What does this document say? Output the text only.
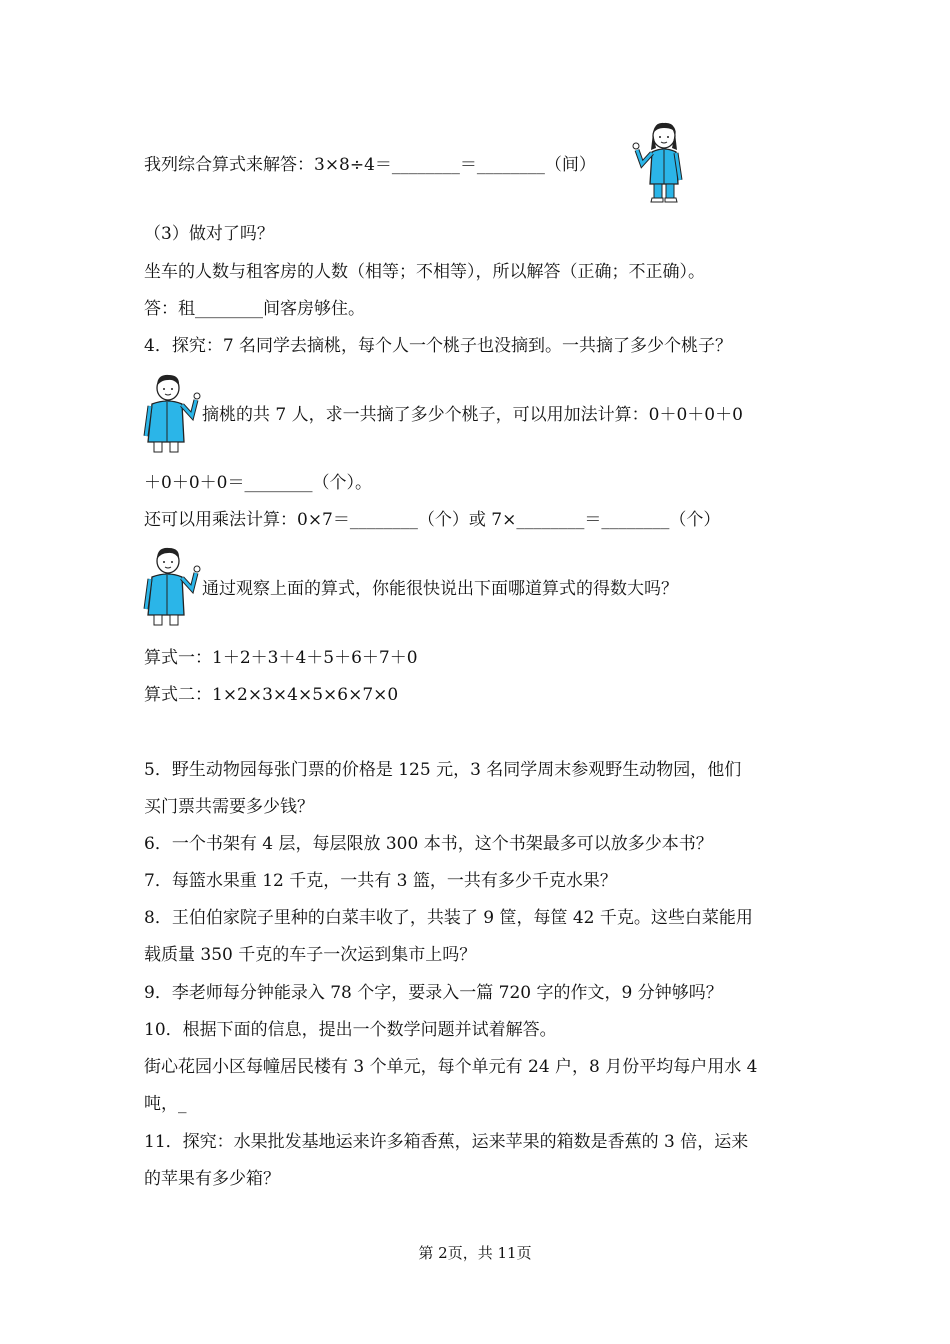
我列综合算式来解答：3×8÷4＝________＝________（间）
（3）做对了吗？
坐车的人数与租客房的人数（相等；不相等），所以解答（正确；不正确）。
答：租________间客房够住。
4．探究：7 名同学去摘桃，每个人一个桃子也没摘到。一共摘了多少个桃子？
摘桃的共 7 人，求一共摘了多少个桃子，可以用加法计算：0＋0＋0＋0
＋0＋0＋0＝________（个）。
还可以用乘法计算：0×7＝________（个）或 7×________＝________（个）
通过观察上面的算式，你能很快说出下面哪道算式的得数大吗？
算式一：1＋2＋3＋4＋5＋6＋7＋0
算式二：1×2×3×4×5×6×7×0
5．野生动物园每张门票的价格是 125 元，3 名同学周末参观野生动物园，他们
买门票共需要多少钱？
6．一个书架有 4 层，每层限放 300 本书，这个书架最多可以放多少本书？
7．每篮水果重 12 千克，一共有 3 篮，一共有多少千克水果？
8．王伯伯家院子里种的白菜丰收了，共装了 9 筐，每筐 42 千克。这些白菜能用
载质量 350 千克的车子一次运到集市上吗？
9．李老师每分钟能录入 78 个字，要录入一篇 720 字的作文，9 分钟够吗？
10．根据下面的信息，提出一个数学问题并试着解答。
街心花园小区每幢居民楼有 3 个单元，每个单元有 24 户，8 月份平均每户用水 4
吨，_
11．探究：水果批发基地运来许多箱香蕉，运来苹果的箱数是香蕉的 3 倍，运来
的苹果有多少箱？
第 2页，共 11页
